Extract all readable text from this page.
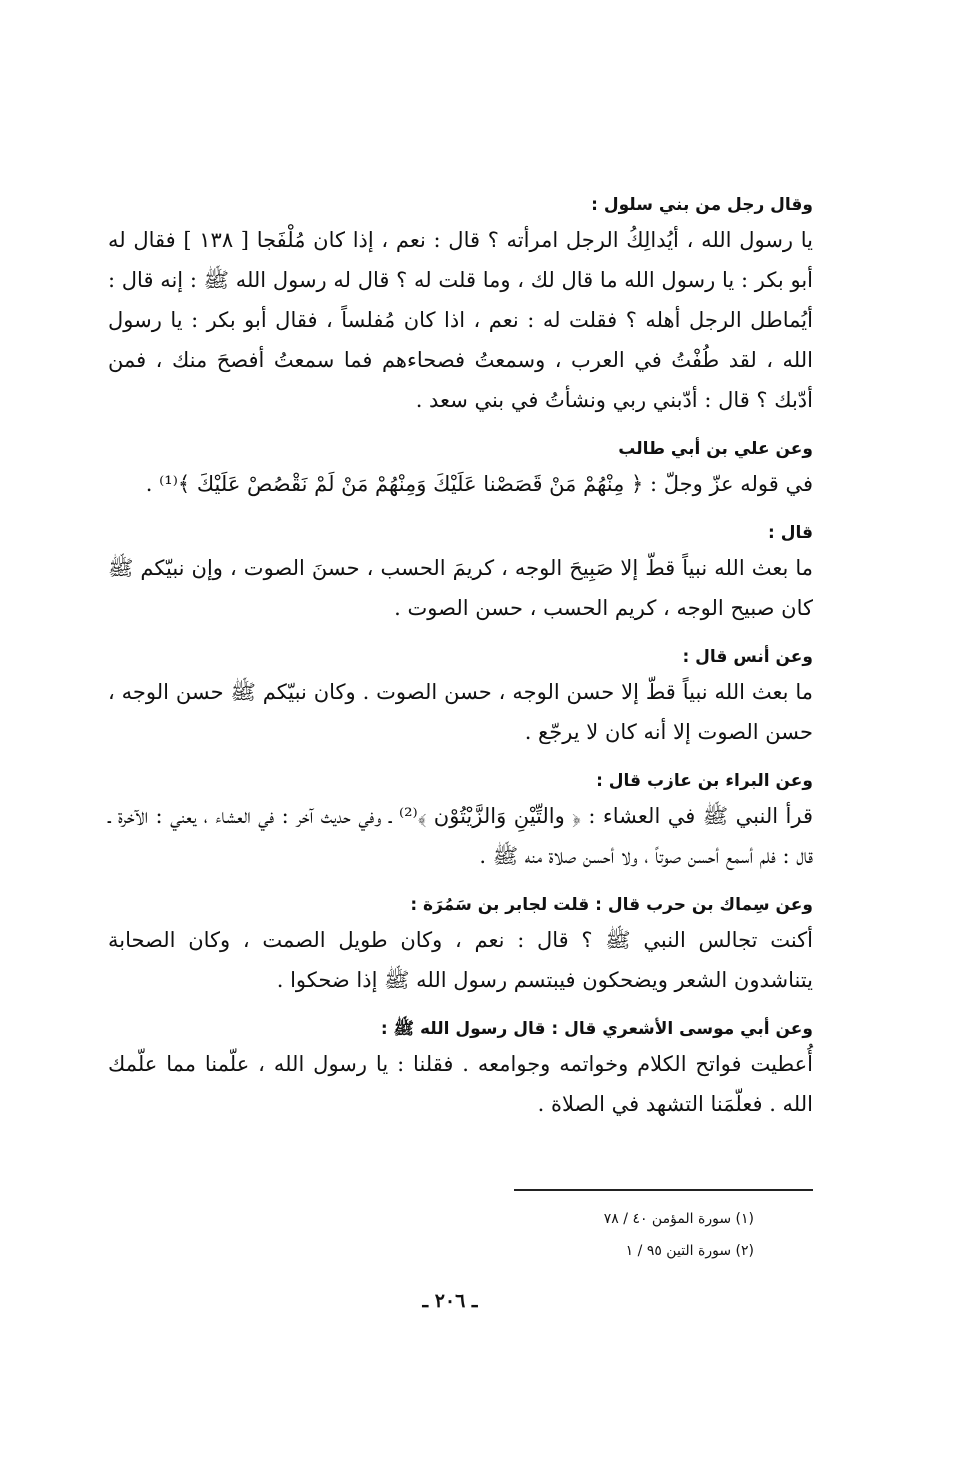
وقال رجل من بني سلول :

يا رسول الله ، أيُدالِكُ الرجل امرأته ؟ قال : نعم ، إذا كان مُلْفَجا [ ١٣٨ ] فقال له أبو بكر : يا رسول الله ما قال لك ، وما قلت له ؟ قال له رسول الله ﷺ : إنه قال : أيُماطل الرجل أهله ؟ فقلت له : نعم ، اذا كان مُفلساً ، فقال أبو بكر : يا رسول الله ، لقد طُفْتُ في العرب ، وسمعتُ فصحاءهم فما سمعتُ أفصحَ منك ، فمن أدّبك ؟ قال : أدّبني ربي ونشأتُ في بني سعد .

وعن علي بن أبي طالب

في قوله عزّ وجلّ : ﴿ مِنْهُمْ مَنْ قَصَصْنا عَلَيْكَ وَمِنْهُمْ مَنْ لَمْ نَقْصُصْ عَلَيْكَ ﴾⁽¹⁾ .

قال :

ما بعث الله نبياً قطّ إلا صَبِيحَ الوجه ، كريمَ الحسب ، حسنَ الصوت ، وإن نبيّكم ﷺ كان صبيح الوجه ، كريم الحسب ، حسن الصوت .

وعن أنس قال :

ما بعث الله نبياً قطّ إلا حسن الوجه ، حسن الصوت . وكان نبيّكم ﷺ حسن الوجه ، حسن الصوت إلا أنه كان لا يرجّع .

وعن البراء بن عازب قال :

قرأ النبي ﷺ في العشاء : ﴿ والتِّيْنِ وَالزَّيْتُوْن ﴾⁽²⁾ ـ وفي حديث آخر : في العشاء ، يعني : الآخرة ـ قال : فلم أسمع أحسن صوتاً ، ولا أحسن صلاة منه ﷺ .

وعن سِماك بن حرب قال : قلت لجابر بن سَمُرَة :

أكنت تجالس النبي ﷺ ؟ قال : نعم ، وكان طويل الصمت ، وكان الصحابة يتناشدون الشعر ويضحكون فيبتسم رسول الله ﷺ إذا ضحكوا .

وعن أبي موسى الأشعري قال : قال رسول الله ﷺ :

أُعطيت فواتح الكلام وخواتمه وجوامعه . فقلنا : يا رسول الله ، علّمنا مما علّمك الله . فعلّمَنا التشهد في الصلاة .

(١) سورة المؤمن ٤٠ / ٧٨

(٢) سورة التين ٩٥ / ١

ـ ٢٠٦ ـ
